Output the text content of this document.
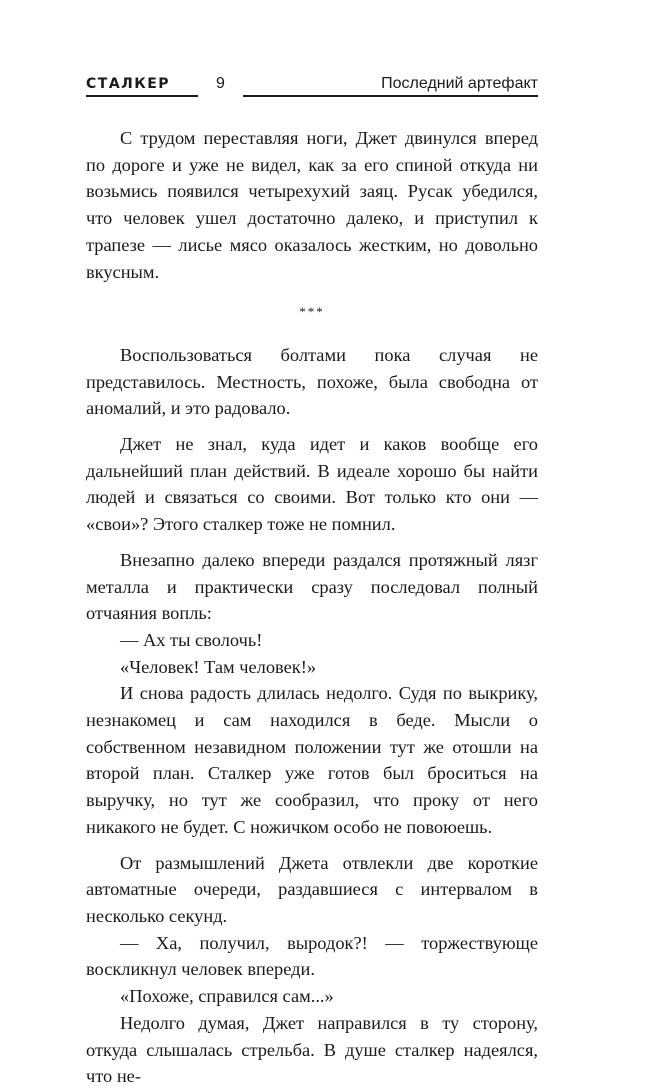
СТАЛКЕР	9	Последний артефакт

С трудом переставляя ноги, Джет двинулся вперед по дороге и уже не видел, как за его спиной откуда ни возьмись появился четырехухий заяц. Русак убедился, что человек ушел достаточно далеко, и приступил к трапезе — лисье мясо оказалось жестким, но довольно вкусным.

***

Воспользоваться болтами пока случая не представилось. Местность, похоже, была свободна от аномалий, и это радовало.

Джет не знал, куда идет и каков вообще его дальнейший план действий. В идеале хорошо бы найти людей и связаться со своими. Вот только кто они — «свои»? Этого сталкер тоже не помнил.

Внезапно далеко впереди раздался протяжный лязг металла и практически сразу последовал полный отчаяния вопль:

— Ах ты сволочь!

«Человек! Там человек!»

И снова радость длилась недолго. Судя по выкрику, незнакомец и сам находился в беде. Мысли о собственном незавидном положении тут же отошли на второй план. Сталкер уже готов был броситься на выручку, но тут же сообразил, что проку от него никакого не будет. С ножичком особо не повоюешь.

От размышлений Джета отвлекли две короткие автоматные очереди, раздавшиеся с интервалом в несколько секунд.

— Ха, получил, выродок?! — торжествующе воскликнул человек впереди.

«Похоже, справился сам...»

Недолго думая, Джет направился в ту сторону, откуда слышалась стрельба. В душе сталкер надеялся, что не-
